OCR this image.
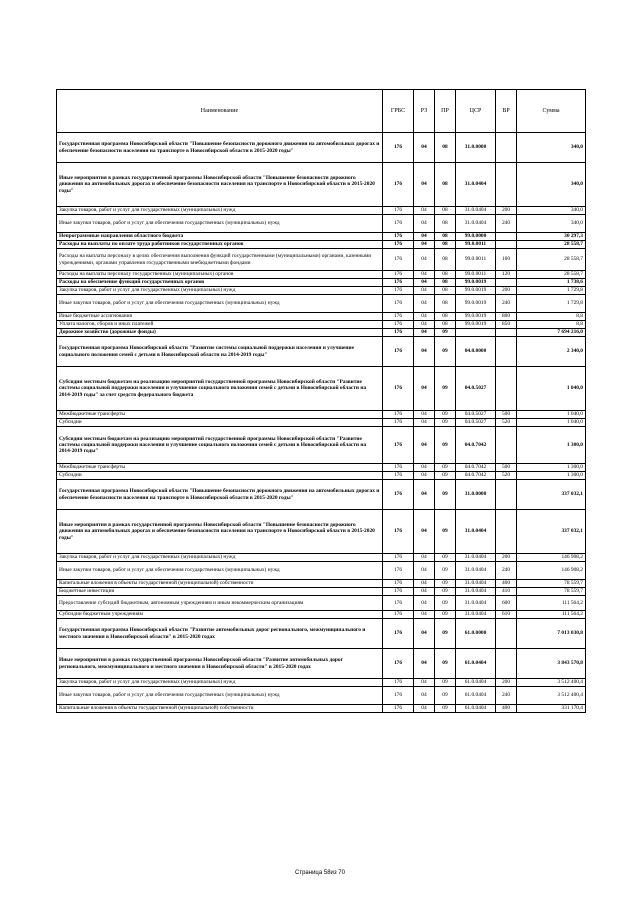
Наименование	ГРБС	РЗ	ПР	ЦСР	ВР	Сумма
Государственная программа Новосибирской области "Повышение безопасности дорожного движения на автомобильных дорогах и обеспечение безопасности населения на транспорте в Новосибирской области в 2015-2020 годы"	176	04	08	31.0.0000		340,0
Иные мероприятия в рамках государственной программы Новосибирской области "Повышение безопасности дорожного движения на автомобильных дорогах и обеспечение безопасности населения на транспорте в Новосибирской области в 2015-2020 годы"	176	04	08	31.0.0404		340,0
Закупка товаров, работ и услуг для государственных (муниципальных) нужд	176	04	08	31.0.0404	200	340,0
Иные закупки товаров, работ и услуг для обеспечения государственных (муниципальных) нужд	176	04	08	31.0.0404	240	340,0
Непрограммные направления областного бюджета	176	04	08	99.0.0000		30 297,3
Расходы на выплаты по оплате труда работников государственных органов	176	04	08	99.0.0011		28 558,7
Расходы на выплаты персоналу в целях обеспечения выполнения функций государственными (муниципальными) органами, казенными учреждениями, органами управления государственными внебюджетными фондами	176	04	08	99.0.0011	100	28 558,7
Расходы на выплаты персоналу государственных (муниципальных) органов	176	04	08	99.0.0011	120	28 558,7
Расходы на обеспечение функций государственных органов	176	04	08	99.0.0019		1 738,6
Закупка товаров, работ и услуг для государственных (муниципальных) нужд	176	04	08	99.0.0019	200	1 729,8
Иные закупки товаров, работ и услуг для обеспечения государственных (муниципальных) нужд	176	04	08	99.0.0019	240	1 729,8
Иные бюджетные ассигнования	176	04	08	99.0.0019	800	8,8
Уплата налогов, сборов и иных платежей	176	04	08	99.0.0019	850	8,8
Дорожное хозяйство (дорожные фонды)	176	04	09			7 694 216,0
Государственная программа Новосибирской области "Развитие системы социальной поддержки населения и улучшение социального положения семей с детьми в Новосибирской области на 2014-2019 годы"	176	04	09	04.0.0000		2 340,0
Субсидии местным бюджетам на реализацию мероприятий государственной программы Новосибирской области "Развитие системы социальной поддержки населения и улучшение социального положения семей с детьми в Новосибирской области на 2014-2019 годы" за счет средств федерального бюджета	176	04	09	04.0.5027		1 040,0
Межбюджетные трансферты	176	04	09	04.0.5027	500	1 040,0
Субсидии	176	04	09	04.0.5027	520	1 040,0
Субсидии местным бюджетам на реализацию мероприятий государственной программы Новосибирской области "Развитие системы социальной поддержки населения и улучшение социального положения семей с детьми в Новосибирской области на 2014-2019 годы"	176	04	09	04.0.7042		1 300,0
Межбюджетные трансферты	176	04	09	04.0.7042	500	1 300,0
Субсидии	176	04	09	04.0.7042	520	1 300,0
Государственная программа Новосибирской области "Повышение безопасности дорожного движения на автомобильных дорогах и обеспечение безопасности населения на транспорте в Новосибирской области в 2015-2020 годы"	176	04	09	31.0.0000		337 032,1
Иные мероприятия в рамках государственной программы Новосибирской области "Повышение безопасности дорожного движения на автомобильных дорогах и обеспечение безопасности населения на транспорте в Новосибирской области в 2015-2020 годы"	176	04	09	31.0.0404		337 032,1
Закупка товаров, работ и услуг для государственных (муниципальных) нужд	176	04	09	31.0.0404	200	146 908,2
Иные закупки товаров, работ и услуг для обеспечения государственных (муниципальных) нужд	176	04	09	31.0.0404	240	146 908,2
Капитальные вложения в объекты государственной (муниципальной) собственности	176	04	09	31.0.0404	400	78 559,7
Бюджетные инвестиции	176	04	09	31.0.0404	410	78 559,7
Предоставление субсидий бюджетным, автономным учреждениям и иным некоммерческим организациям	176	04	09	31.0.0404	600	111 564,2
Субсидии бюджетным учреждениям	176	04	09	31.0.0404	610	111 564,2
Государственная программа Новосибирской области "Развитие автомобильных дорог регионального, межмуниципального и местного значения в Новосибирской области" в 2015-2020 годах	176	04	09	61.0.0000		7 013 030,8
Иные мероприятия в рамках государственной программы Новосибирской области "Развитие автомобильных дорог регионального, межмуниципального и местного значения в Новосибирской области" в 2015-2020 годах	176	04	09	61.0.0404		3 843 570,8
Закупка товаров, работ и услуг для государственных (муниципальных) нужд	176	04	09	61.0.0404	200	3 512 400,4
Иные закупки товаров, работ и услуг для обеспечения государственных (муниципальных) нужд	176	04	09	61.0.0404	240	3 512 400,4
Капитальные вложения в объекты государственной (муниципальной) собственности	176	04	09	61.0.0404	400	331 170,4
Страница 58из 70
